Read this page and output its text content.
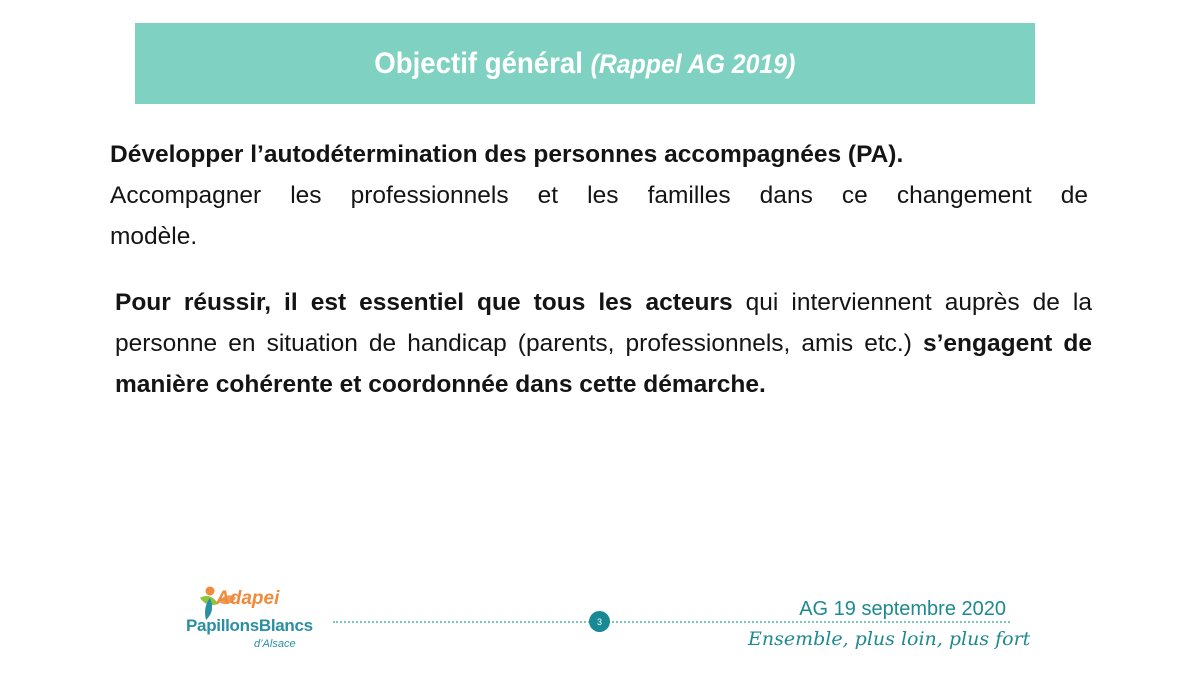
Objectif général (Rappel AG 2019)
Développer l’autodétermination des personnes accompagnées (PA).
Accompagner les professionnels et les familles dans ce changement de
modèle.
Pour réussir, il est essentiel que tous les acteurs qui interviennent auprès de la personne en situation de handicap (parents, professionnels, amis etc.) s’engagent de manière cohérente et coordonnée dans cette démarche.
Adapei
PapillonsBlancs
d’Alsace
3
AG 19 septembre 2020
Ensemble, plus loin, plus fort
